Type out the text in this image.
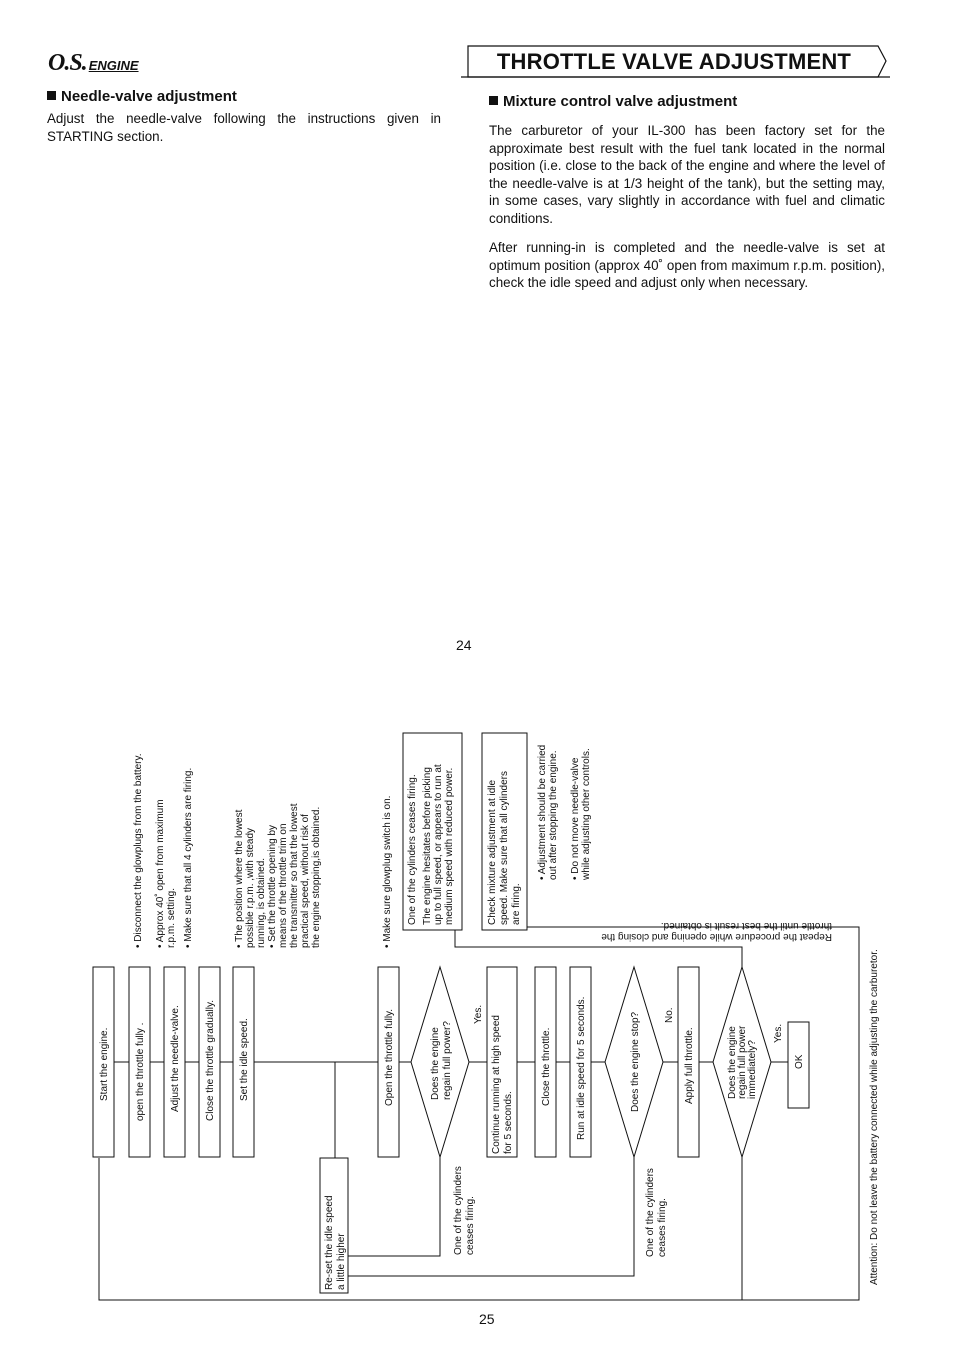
O.S. ENGINE	THROTTLE VALVE ADJUSTMENT
Needle-valve adjustment
Adjust the needle-valve following the instructions given in STARTING section.
Mixture control valve adjustment
The carburetor of your IL-300 has been factory set for the approximate best result with the fuel tank located in the normal position (i.e. close to the back of the engine and where the level of the needle-valve is at 1/3 height of the tank), but the setting may, in some cases, vary slightly in accordance with fuel and climatic conditions.
After running-in is completed and the needle-valve is set at optimum position (approx 40˚ open from maximum r.p.m. position), check the idle speed and adjust only when necessary.
24
25
Start the engine.	open the throttle fully . Adjust the needle-valve. Close the throttle gradually. Set the idle speed.	Open the throttle fully.	Does the engine regain full power?
Yes.
Continue running at high speed for 5 seconds.
Close the throttle. Run at idle speed for 5 seconds.	Does the engine stop? No.
Apply full throttle.	Does the engine regain full power immediately?
Yes.
OK
Re-set the idle speed a little higher
One of the cylinders ceases firing.	One of the cylinders ceases firing.
• Disconnect the glowplugs from the battery. • Approx 40˚ open from maximum r.p.m. setting. • Make sure that all 4 cylinders are firing.	• The position where the lowest possible r.p.m. ,with steady running, is obtained. • Set the throttle opening by means of the throttle trim on the transmitter so that the lowest practical speed, without risk of the engine stopping,is obtained.	• Make sure glowplug switch is on. One of the cylinders ceases firing. The engine hesitates before picking up to full speed, or appears to run at medium speed with reduced power.	Check mixture adjustment at idle speed. Make sure that all cylinders are firing.
• Adjustment should be carried out after stopping the engine. • Do not move needle-valve while adjusting other controls.
Repeat the procedure while opening and closing the
throttle until the best result is obtained.
Attention: Do not leave the battery connected while adjusting the carburetor.
